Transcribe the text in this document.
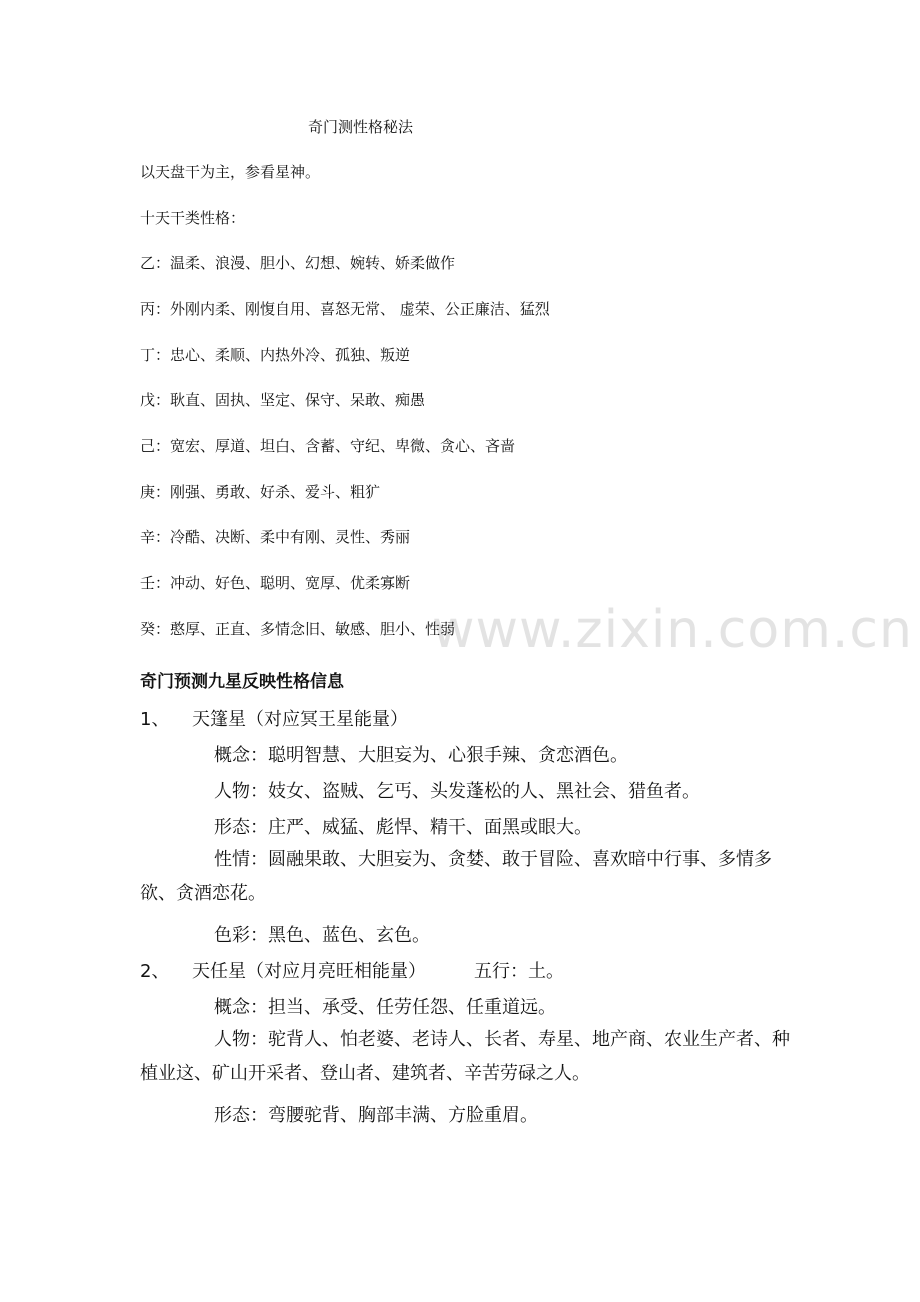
www.zixin.com.cn
奇门测性格秘法
以天盘干为主，参看星神。
十天干类性格：
乙：温柔、浪漫、胆小、幻想、婉转、娇柔做作
丙：外刚内柔、刚愎自用、喜怒无常、 虚荣、公正廉洁、猛烈
丁：忠心、柔顺、内热外冷、孤独、叛逆
戊：耿直、固执、坚定、保守、呆敢、痴愚
己：宽宏、厚道、坦白、含蓄、守纪、卑微、贪心、吝啬
庚：刚强、勇敢、好杀、爱斗、粗犷
辛：冷酷、决断、柔中有刚、灵性、秀丽
壬：冲动、好色、聪明、宽厚、优柔寡断
癸：憨厚、正直、多情念旧、敏感、胆小、性弱
奇门预测九星反映性格信息
1、 天篷星（对应冥王星能量）
概念：聪明智慧、大胆妄为、心狠手辣、贪恋酒色。
人物：妓女、盗贼、乞丐、头发蓬松的人、黑社会、猎鱼者。
形态：庄严、威猛、彪悍、精干、面黑或眼大。
性情：圆融果敢、大胆妄为、贪婪、敢于冒险、喜欢暗中行事、多情多欲、贪酒恋花。
色彩：黑色、蓝色、玄色。
2、 天任星（对应月亮旺相能量）	五行：土。
概念：担当、承受、任劳任怨、任重道远。
人物：驼背人、怕老婆、老诗人、长者、寿星、地产商、农业生产者、种植业这、矿山开采者、登山者、建筑者、辛苦劳碌之人。
形态：弯腰驼背、胸部丰满、方脸重眉。
